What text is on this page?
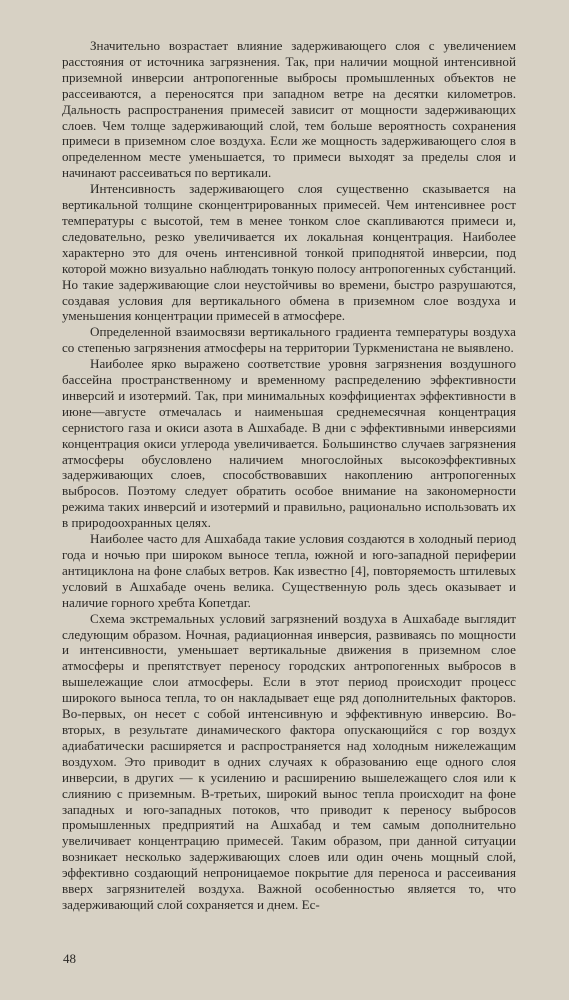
Значительно возрастает влияние задерживающего слоя с увеличением расстояния от источника загрязнения. Так, при наличии мощной интенсивной приземной инверсии антропогенные выбросы промышленных объектов не рассеиваются, а переносятся при западном ветре на десятки километров. Дальность распространения примесей зависит от мощности задерживающих слоев. Чем толще задерживающий слой, тем больше вероятность сохранения примеси в приземном слое воздуха. Если же мощность задерживающего слоя в определенном месте уменьшается, то примеси выходят за пределы слоя и начинают рассеиваться по вертикали.

Интенсивность задерживающего слоя существенно сказывается на вертикальной толщине сконцентрированных примесей. Чем интенсивнее рост температуры с высотой, тем в менее тонком слое скапливаются примеси и, следовательно, резко увеличивается их локальная концентрация. Наиболее характерно это для очень интенсивной тонкой приподнятой инверсии, под которой можно визуально наблюдать тонкую полосу антропогенных субстанций. Но такие задерживающие слои неустойчивы во времени, быстро разрушаются, создавая условия для вертикального обмена в приземном слое воздуха и уменьшения концентрации примесей в атмосфере.

Определенной взаимосвязи вертикального градиента температуры воздуха со степенью загрязнения атмосферы на территории Туркменистана не выявлено.

Наиболее ярко выражено соответствие уровня загрязнения воздушного бассейна пространственному и временному распределению эффективности инверсий и изотермий. Так, при минимальных коэффициентах эффективности в июне—августе отмечалась и наименьшая среднемесячная концентрация сернистого газа и окиси азота в Ашхабаде. В дни с эффективными инверсиями концентрация окиси углерода увеличивается. Большинство случаев загрязнения атмосферы обусловлено наличием многослойных высокоэффективных задерживающих слоев, способствовавших накоплению антропогенных выбросов. Поэтому следует обратить особое внимание на закономерности режима таких инверсий и изотермий и правильно, рационально использовать их в природоохранных целях.

Наиболее часто для Ашхабада такие условия создаются в холодный период года и ночью при широком выносе тепла, южной и юго-западной периферии антициклона на фоне слабых ветров. Как известно [4], повторяемость штилевых условий в Ашхабаде очень велика. Существенную роль здесь оказывает и наличие горного хребта Копетдаг.

Схема экстремальных условий загрязнений воздуха в Ашхабаде выглядит следующим образом. Ночная, радиационная инверсия, развиваясь по мощности и интенсивности, уменьшает вертикальные движения в приземном слое атмосферы и препятствует переносу городских антропогенных выбросов в вышележащие слои атмосферы. Если в этот период происходит процесс широкого выноса тепла, то он накладывает еще ряд дополнительных факторов. Во-первых, он несет с собой интенсивную и эффективную инверсию. Во-вторых, в результате динамического фактора опускающийся с гор воздух адиабатически расширяется и распространяется над холодным нижележащим воздухом. Это приводит в одних случаях к образованию еще одного слоя инверсии, в других — к усилению и расширению вышележащего слоя или к слиянию с приземным. В-третьих, широкий вынос тепла происходит на фоне западных и юго-западных потоков, что приводит к переносу выбросов промышленных предприятий на Ашхабад и тем самым дополнительно увеличивает концентрацию примесей. Таким образом, при данной ситуации возникает несколько задерживающих слоев или один очень мощный слой, эффективно создающий непроницаемое покрытие для переноса и рассеивания вверх загрязнителей воздуха. Важной особенностью является то, что задерживающий слой сохраняется и днем. Ес-

48
